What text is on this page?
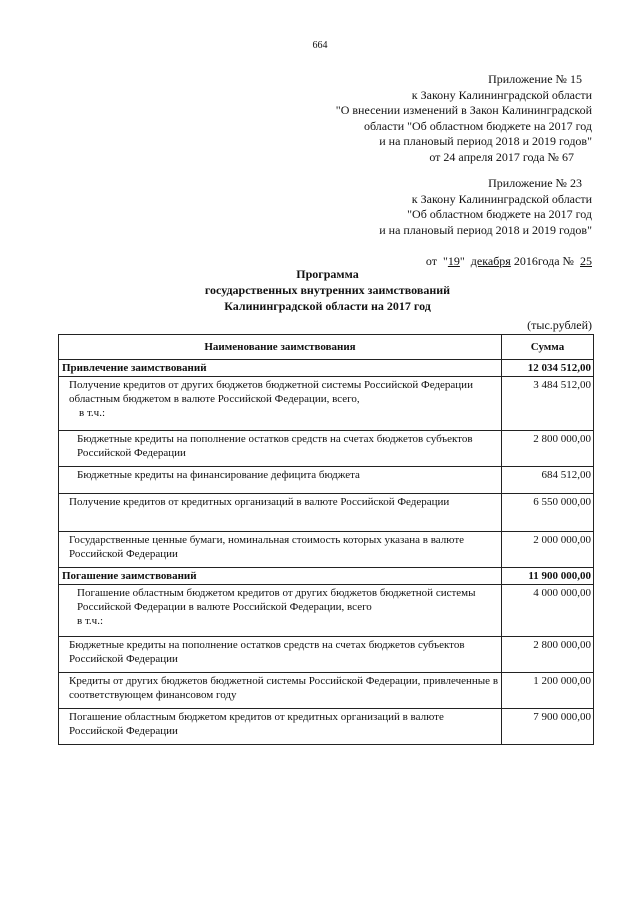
664
Приложение № 15
к Закону Калининградской области
"О внесении изменений в Закон Калининградской
области "Об областном бюджете на 2017 год
и на плановый период 2018 и 2019 годов"
от 24 апреля 2017 года № 67
Приложение № 23
к Закону Калининградской области
"Об областном бюджете на 2017 год
и на плановый период 2018 и 2019 годов"

от  "19"  декабря 2016года №  25

Программа
государственных внутренних заимствований
Калининградской области на 2017 год
(тыс.рублей)
Наименование заимствования	Сумма
Привлечение заимствований	12 034 512,00

Получение кредитов от других бюджетов бюджетной системы Российской Федерации областным бюджетом в валюте Российской Федерации, всего,
в т.ч.:	3 484 512,00
Бюджетные кредиты на пополнение остатков средств на счетах бюджетов субъектов Российской Федерации	2 800 000,00
Бюджетные кредиты на финансирование дефицита бюджета	684 512,00
Получение кредитов от кредитных организаций в валюте Российской Федерации	6 550 000,00
Государственные ценные бумаги, номинальная стоимость которых указана в валюте Российской Федерации	2 000 000,00
Погашение заимствований	11 900 000,00

Погашение областным бюджетом кредитов от других бюджетов бюджетной системы Российской Федерации в валюте Российской Федерации, всего
в т.ч.:	4 000 000,00
Бюджетные кредиты на пополнение остатков средств на счетах бюджетов субъектов Российской Федерации	2 800 000,00
Кредиты от других бюджетов бюджетной системы Российской Федерации, привлеченные в соответствующем финансовом году	1 200 000,00
Погашение областным бюджетом кредитов от кредитных организаций в валюте Российской Федерации	7 900 000,00
